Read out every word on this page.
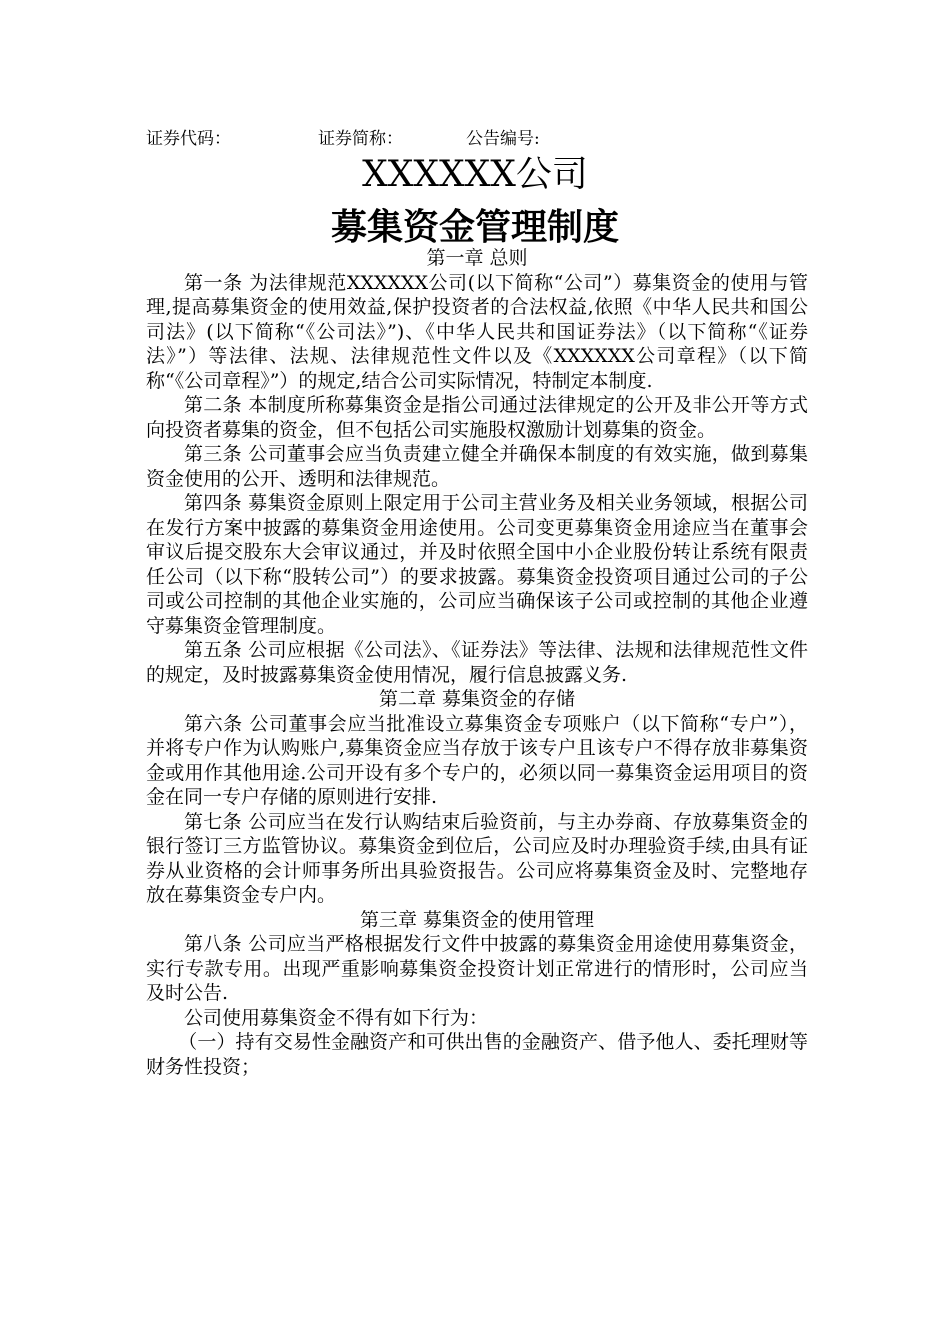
证券代码：	证券简称：	公告编号:
XXXXXX公司
募集资金管理制度
第一章 总则

第一条 为法律规范XXXXXX公司(以下简称“公司”）募集资金的使用与管理,提高募集资金的使用效益,保护投资者的合法权益,依照《中华人民共和国公司法》(以下简称“《公司法》”)、《中华人民共和国证券法》（以下简称“《证券法》”）等法律、法规、法律规范性文件以及《XXXXXX公司章程》（以下简称“《公司章程》”）的规定,结合公司实际情况，特制定本制度.

第二条 本制度所称募集资金是指公司通过法律规定的公开及非公开等方式向投资者募集的资金，但不包括公司实施股权激励计划募集的资金。

第三条 公司董事会应当负责建立健全并确保本制度的有效实施，做到募集资金使用的公开、透明和法律规范。

第四条 募集资金原则上限定用于公司主营业务及相关业务领域，根据公司在发行方案中披露的募集资金用途使用。公司变更募集资金用途应当在董事会审议后提交股东大会审议通过，并及时依照全国中小企业股份转让系统有限责任公司（以下称“股转公司”）的要求披露。募集资金投资项目通过公司的子公司或公司控制的其他企业实施的，公司应当确保该子公司或控制的其他企业遵守募集资金管理制度。

第五条 公司应根据《公司法》、《证券法》等法律、法规和法律规范性文件的规定，及时披露募集资金使用情况，履行信息披露义务.

第二章 募集资金的存储

第六条 公司董事会应当批准设立募集资金专项账户（以下简称“专户”）， 并将专户作为认购账户,募集资金应当存放于该专户且该专户不得存放非募集资金或用作其他用途.公司开设有多个专户的，必须以同一募集资金运用项目的资金在同一专户存储的原则进行安排.

第七条 公司应当在发行认购结束后验资前，与主办券商、存放募集资金的银行签订三方监管协议。募集资金到位后，公司应及时办理验资手续,由具有证券从业资格的会计师事务所出具验资报告。公司应将募集资金及时、完整地存放在募集资金专户内。

第三章 募集资金的使用管理

第八条 公司应当严格根据发行文件中披露的募集资金用途使用募集资金，实行专款专用。出现严重影响募集资金投资计划正常进行的情形时，公司应当及时公告.

公司使用募集资金不得有如下行为：

（一）持有交易性金融资产和可供出售的金融资产、借予他人、委托理财等财务性投资；
